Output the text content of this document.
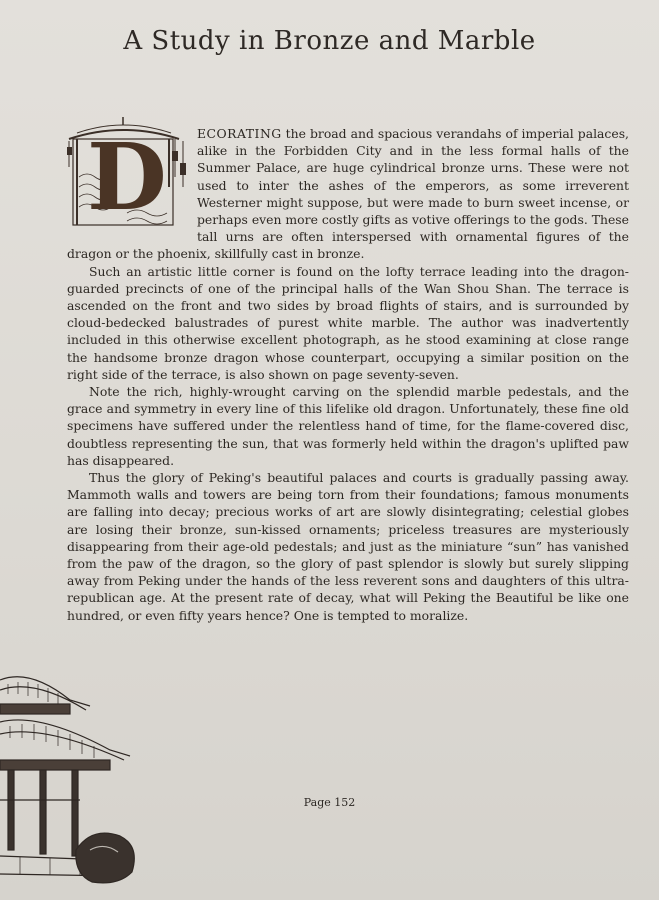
A Study in Bronze and Marble
D	ECORATING the broad and spacious verandahs of imperial palaces, alike in the Forbidden City and in the less formal halls of the Summer Palace, are huge cylindrical bronze urns. These were not used to inter the ashes of the emperors, as some irreverent Westerner might suppose, but were made to burn sweet incense, or perhaps even more costly gifts as votive offerings to the gods. These tall urns are often interspersed with ornamental figures of the dragon or the phoenix, skillfully cast in bronze.

Such an artistic little corner is found on the lofty terrace leading into the dragon-guarded precincts of one of the principal halls of the Wan Shou Shan. The terrace is ascended on the front and two sides by broad flights of stairs, and is surrounded by cloud-bedecked balustrades of purest white marble. The author was inadvertently included in this otherwise excellent photograph, as he stood examining at close range the handsome bronze dragon whose counterpart, occupying a similar position on the right side of the terrace, is also shown on page seventy-seven.

Note the rich, highly-wrought carving on the splendid marble pedestals, and the grace and symmetry in every line of this lifelike old dragon. Unfortunately, these fine old specimens have suffered under the relentless hand of time, for the flame-covered disc, doubtless representing the sun, that was formerly held within the dragon's uplifted paw has disappeared.

Thus the glory of Peking's beautiful palaces and courts is gradually passing away. Mammoth walls and towers are being torn from their foundations; famous monuments are falling into decay; precious works of art are slowly disintegrating; celestial globes are losing their bronze, sun-kissed ornaments; priceless treasures are mysteriously disappearing from their age-old pedestals; and just as the miniature “sun” has vanished from the paw of the dragon, so the glory of past splendor is slowly but surely slipping away from Peking under the hands of the less reverent sons and daughters of this ultra-republican age. At the present rate of decay, what will Peking the Beautiful be like one hundred, or even fifty years hence? One is tempted to moralize.

Page 152
